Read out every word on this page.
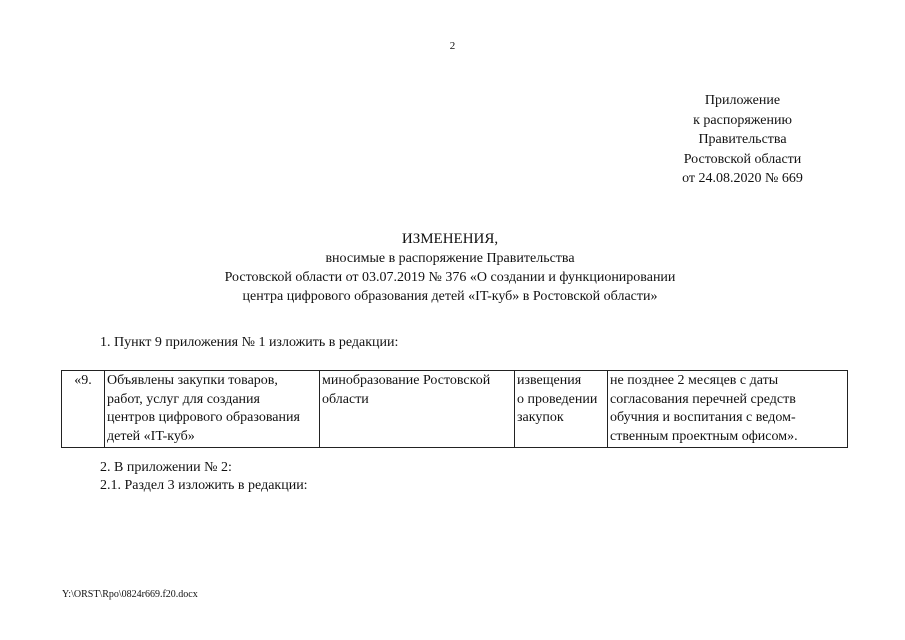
2
Приложение
к распоряжению
Правительства
Ростовской области
от 24.08.2020 № 669
ИЗМЕНЕНИЯ,
вносимые в распоряжение Правительства
Ростовской области от 03.07.2019 № 376 «О создании и функционировании
центра цифрового образования детей «IT-куб» в Ростовской области»
1. Пункт 9 приложения № 1 изложить в редакции:
«9.	Объявлены закупки товаров,
работ, услуг для создания
центров цифрового образования
детей «IT-куб»

минобразование Ростовской
области

извещения
о проведении
закупок

не позднее 2 месяцев с даты
согласования перечней средств
обучния и воспитания с ведом-
ственным проектным офисом».
2. В приложении № 2:
2.1. Раздел 3 изложить в редакции:
Y:\ORST\Rpo\0824r669.f20.docx
